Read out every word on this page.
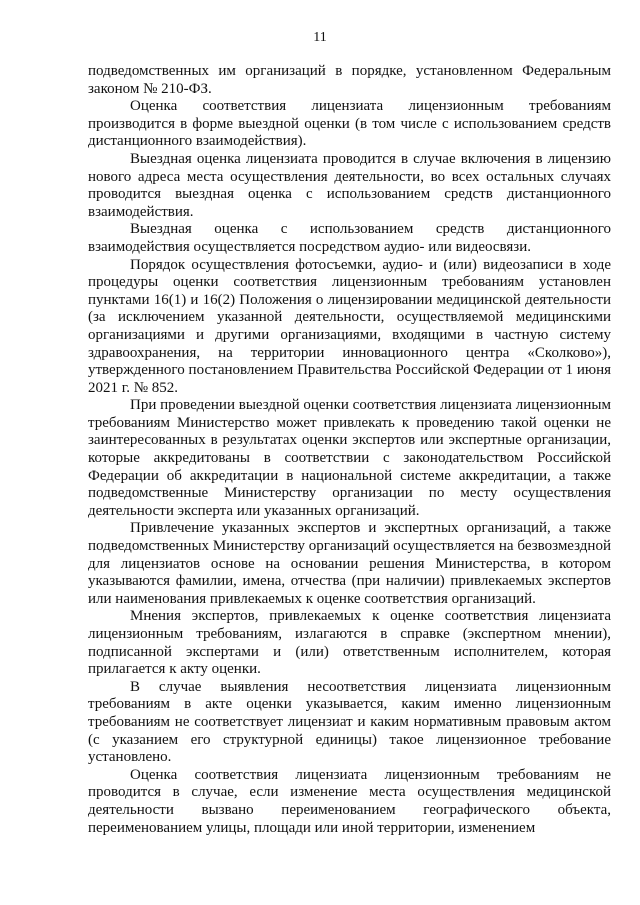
11

подведомственных им организаций в порядке, установленном Федеральным законом № 210-ФЗ.

Оценка соответствия лицензиата лицензионным требованиям производится в форме выездной оценки (в том числе с использованием средств дистанционного взаимодействия).

Выездная оценка лицензиата проводится в случае включения в лицензию нового адреса места осуществления деятельности, во всех остальных случаях проводится выездная оценка с использованием средств дистанционного взаимодействия.

Выездная оценка с использованием средств дистанционного взаимодействия осуществляется посредством аудио- или видеосвязи.

Порядок осуществления фотосъемки, аудио- и (или) видеозаписи в ходе процедуры оценки соответствия лицензионным требованиям установлен пунктами 16(1) и 16(2) Положения о лицензировании медицинской деятельности (за исключением указанной деятельности, осуществляемой медицинскими организациями и другими организациями, входящими в частную систему здравоохранения, на территории инновационного центра «Сколково»), утвержденного постановлением Правительства Российской Федерации от 1 июня 2021 г. № 852.

При проведении выездной оценки соответствия лицензиата лицензионным требованиям Министерство может привлекать к проведению такой оценки не заинтересованных в результатах оценки экспертов или экспертные организации, которые аккредитованы в соответствии с законодательством Российской Федерации об аккредитации в национальной системе аккредитации, а также подведомственные Министерству организации по месту осуществления деятельности эксперта или указанных организаций.

Привлечение указанных экспертов и экспертных организаций, а также подведомственных Министерству организаций осуществляется на безвозмездной для лицензиатов основе на основании решения Министерства, в котором указываются фамилии, имена, отчества (при наличии) привлекаемых экспертов или наименования привлекаемых к оценке соответствия организаций.

Мнения экспертов, привлекаемых к оценке соответствия лицензиата лицензионным требованиям, излагаются в справке (экспертном мнении), подписанной экспертами и (или) ответственным исполнителем, которая прилагается к акту оценки.

В случае выявления несоответствия лицензиата лицензионным требованиям в акте оценки указывается, каким именно лицензионным требованиям не соответствует лицензиат и каким нормативным правовым актом (с указанием его структурной единицы) такое лицензионное требование установлено.

Оценка соответствия лицензиата лицензионным требованиям не проводится в случае, если изменение места осуществления медицинской деятельности вызвано переименованием географического объекта, переименованием улицы, площади или иной территории, изменением
